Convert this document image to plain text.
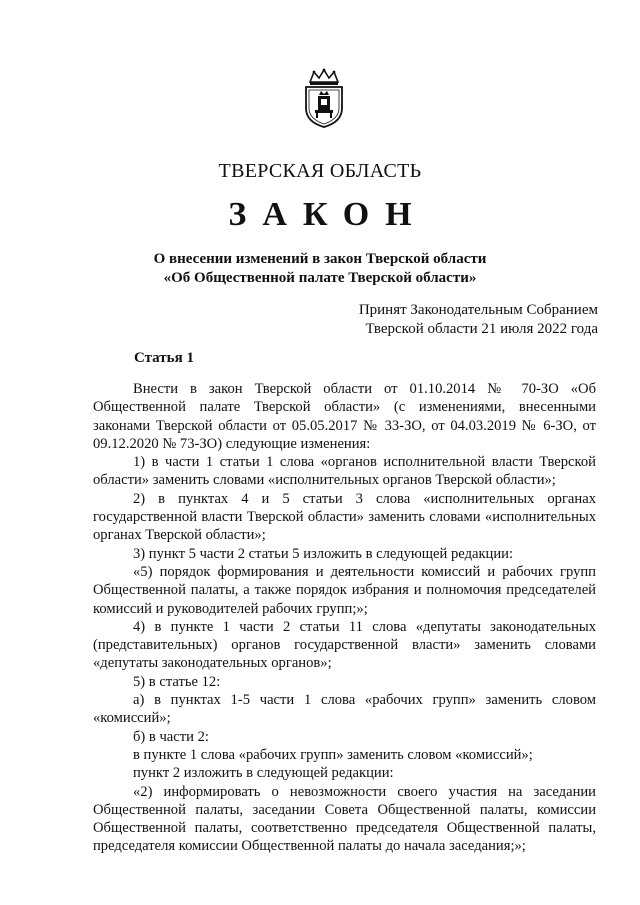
ТВЕРСКАЯ ОБЛАСТЬ
ЗАКОН
О внесении изменений в закон Тверской области
«Об Общественной палате Тверской области»
Принят Законодательным Собранием
Тверской области 21 июля 2022 года
Статья 1

Внести в закон Тверской области от 01.10.2014 № 70-ЗО «Об Общественной палате Тверской области» (с изменениями, внесенными законами Тверской области от 05.05.2017 № 33-ЗО, от 04.03.2019 № 6-ЗО, от 09.12.2020 № 73-ЗО) следующие изменения:

1) в части 1 статьи 1 слова «органов исполнительной власти Тверской области» заменить словами «исполнительных органов Тверской области»;

2) в пунктах 4 и 5 статьи 3 слова «исполнительных органах государственной власти Тверской области» заменить словами «исполнительных органах Тверской области»;

3) пункт 5 части 2 статьи 5 изложить в следующей редакции:

«5) порядок формирования и деятельности комиссий и рабочих групп Общественной палаты, а также порядок избрания и полномочия председателей комиссий и руководителей рабочих групп;»;

4) в пункте 1 части 2 статьи 11 слова «депутаты законодательных (представительных) органов государственной власти» заменить словами «депутаты законодательных органов»;

5) в статье 12:

а) в пунктах 1-5 части 1 слова «рабочих групп» заменить словом «комиссий»;

б) в части 2:

в пункте 1 слова «рабочих групп» заменить словом «комиссий»;

пункт 2 изложить в следующей редакции:

«2) информировать о невозможности своего участия на заседании Общественной палаты, заседании Совета Общественной палаты, комиссии Общественной палаты, соответственно председателя Общественной палаты, председателя комиссии Общественной палаты до начала заседания;»;
